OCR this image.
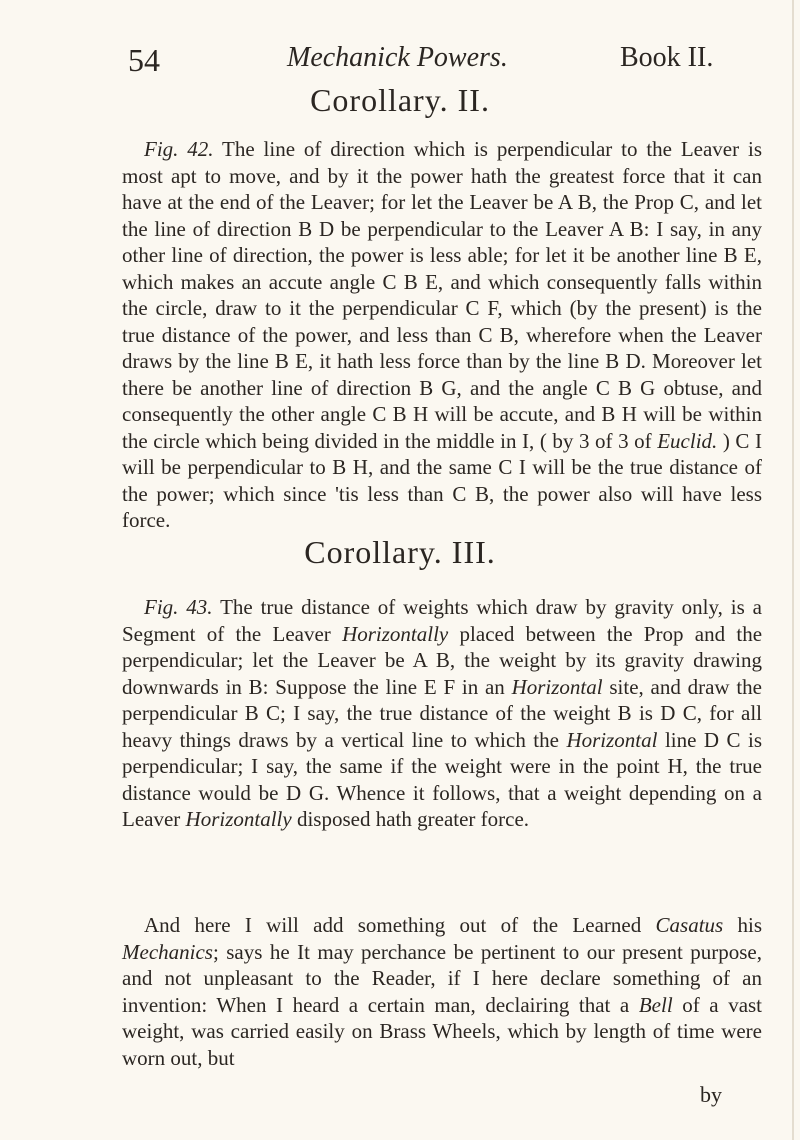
54	Mechanick Powers.	Book II.
Corollary. II.

Fig. 42. The line of direction which is perpendicular to the Leaver is most apt to move, and by it the power hath the greatest force that it can have at the end of the Leaver; for let the Leaver be A B, the Prop C, and let the line of direction B D be perpendicular to the Leaver A B: I say, in any other line of direction, the power is less able; for let it be another line B E, which makes an accute angle C B E, and which consequently falls within the circle, draw to it the perpendicular C F, which (by the present) is the true distance of the power, and less than C B, wherefore when the Leaver draws by the line B E, it hath less force than by the line B D. Moreover let there be another line of direction B G, and the angle C B G obtuse, and consequently the other angle C B H will be accute, and B H will be within the circle which being divided in the middle in I, ( by 3 of 3 of Euclid. ) C I will be perpendicular to B H, and the same C I will be the true distance of the power; which since 'tis less than C B, the power also will have less force.

Corollary. III.

Fig. 43. The true distance of weights which draw by gravity only, is a Segment of the Leaver Horizontally placed between the Prop and the perpendicular; let the Leaver be A B, the weight by its gravity drawing downwards in B: Suppose the line E F in an Horizontal site, and draw the perpendicular B C; I say, the true distance of the weight B is D C, for all heavy things draws by a vertical line to which the Horizontal line D C is perpendicular; I say, the same if the weight were in the point H, the true distance would be D G. Whence it follows, that a weight depending on a Leaver Horizontally disposed hath greater force.

And here I will add something out of the Learned Casatus his Mechanics; says he It may perchance be pertinent to our present purpose, and not unpleasant to the Reader, if I here declare something of an invention: When I heard a certain man, declairing that a Bell of a vast weight, was carried easily on Brass Wheels, which by length of time were worn out, but

by
